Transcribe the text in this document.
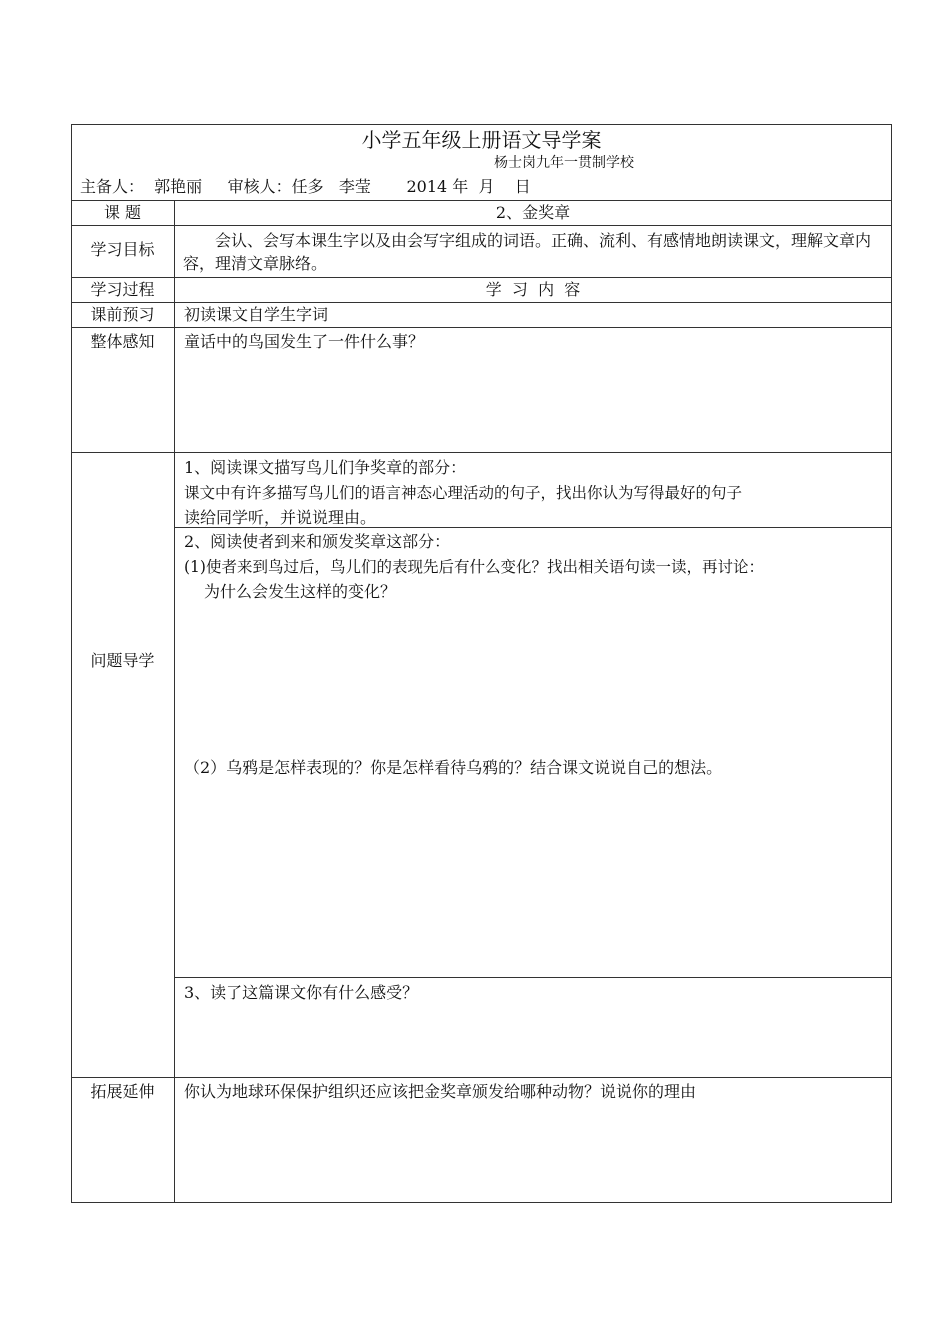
小学五年级上册语文导学案
杨士岗九年一贯制学校
主备人：  郭艳丽     审核人：任多   李莹       2014 年  月    日
课 题	2、金奖章
学习目标	会认、会写本课生字以及由会写字组成的词语。正确、流利、有感情地朗读课文，理解文章内容，理清文章脉络。
学习过程	学  习  内  容
课前预习	初读课文自学生字词
整体感知	童话中的鸟国发生了一件什么事？
问题导学
1、阅读课文描写鸟儿们争奖章的部分：
课文中有许多描写鸟儿们的语言神态心理活动的句子，找出你认为写得最好的句子
读给同学听，并说说理由。
2、阅读使者到来和颁发奖章这部分：
(1)使者来到鸟过后，鸟儿们的表现先后有什么变化？找出相关语句读一读，再讨论：
为什么会发生这样的变化？
（2）乌鸦是怎样表现的？你是怎样看待乌鸦的？结合课文说说自己的想法。
3、读了这篇课文你有什么感受？
拓展延伸	你认为地球环保保护组织还应该把金奖章颁发给哪种动物？说说你的理由
